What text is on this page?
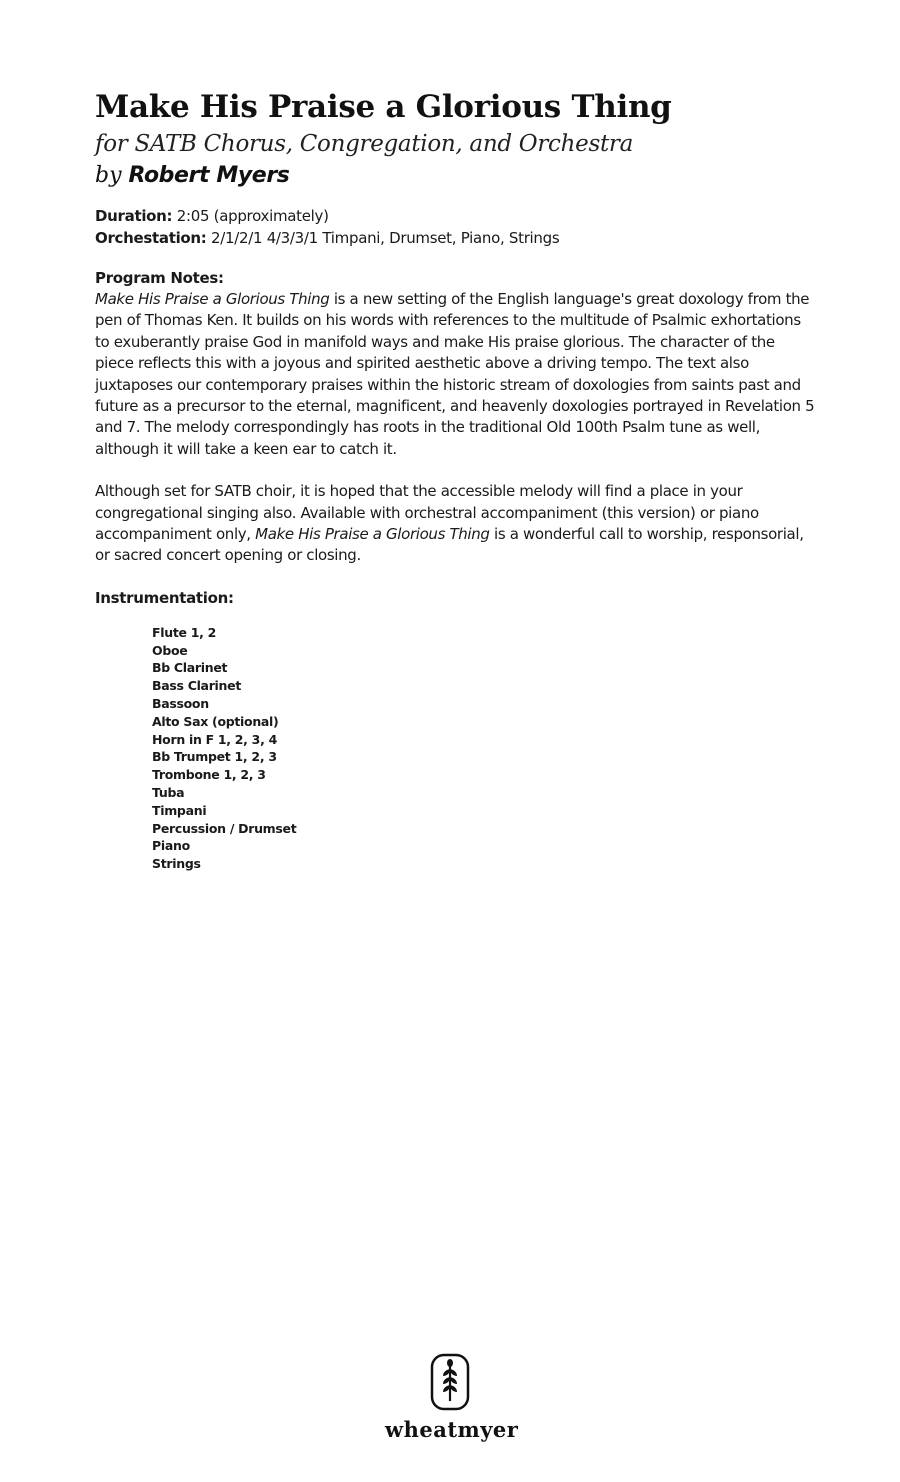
Make His Praise a Glorious Thing
for SATB Chorus, Congregation, and Orchestra
by Robert Myers
Duration: 2:05 (approximately)
Orchestation: 2/1/2/1 4/3/3/1 Timpani, Drumset, Piano, Strings
Program Notes:

Make His Praise a Glorious Thing is a new setting of the English language's great doxology from the pen of Thomas Ken. It builds on his words with references to the multitude of Psalmic exhortations to exuberantly praise God in manifold ways and make His praise glorious. The character of the piece reflects this with a joyous and spirited aesthetic above a driving tempo. The text also juxtaposes our contemporary praises within the historic stream of doxologies from saints past and future as a precursor to the eternal, magnificent, and heavenly doxologies portrayed in Revelation 5 and 7. The melody correspondingly has roots in the traditional Old 100th Psalm tune as well, although it will take a keen ear to catch it.

Although set for SATB choir, it is hoped that the accessible melody will find a place in your congregational singing also. Available with orchestral accompaniment (this version) or piano accompaniment only, Make His Praise a Glorious Thing is a wonderful call to worship, responsorial, or sacred concert opening or closing.

Instrumentation:
Flute 1, 2
Oboe
Bb Clarinet
Bass Clarinet
Bassoon
Alto Sax (optional)
Horn in F 1, 2, 3, 4
Bb Trumpet 1, 2, 3
Trombone 1, 2, 3
Tuba
Timpani
Percussion / Drumset
Piano
Strings
wheatmyer
